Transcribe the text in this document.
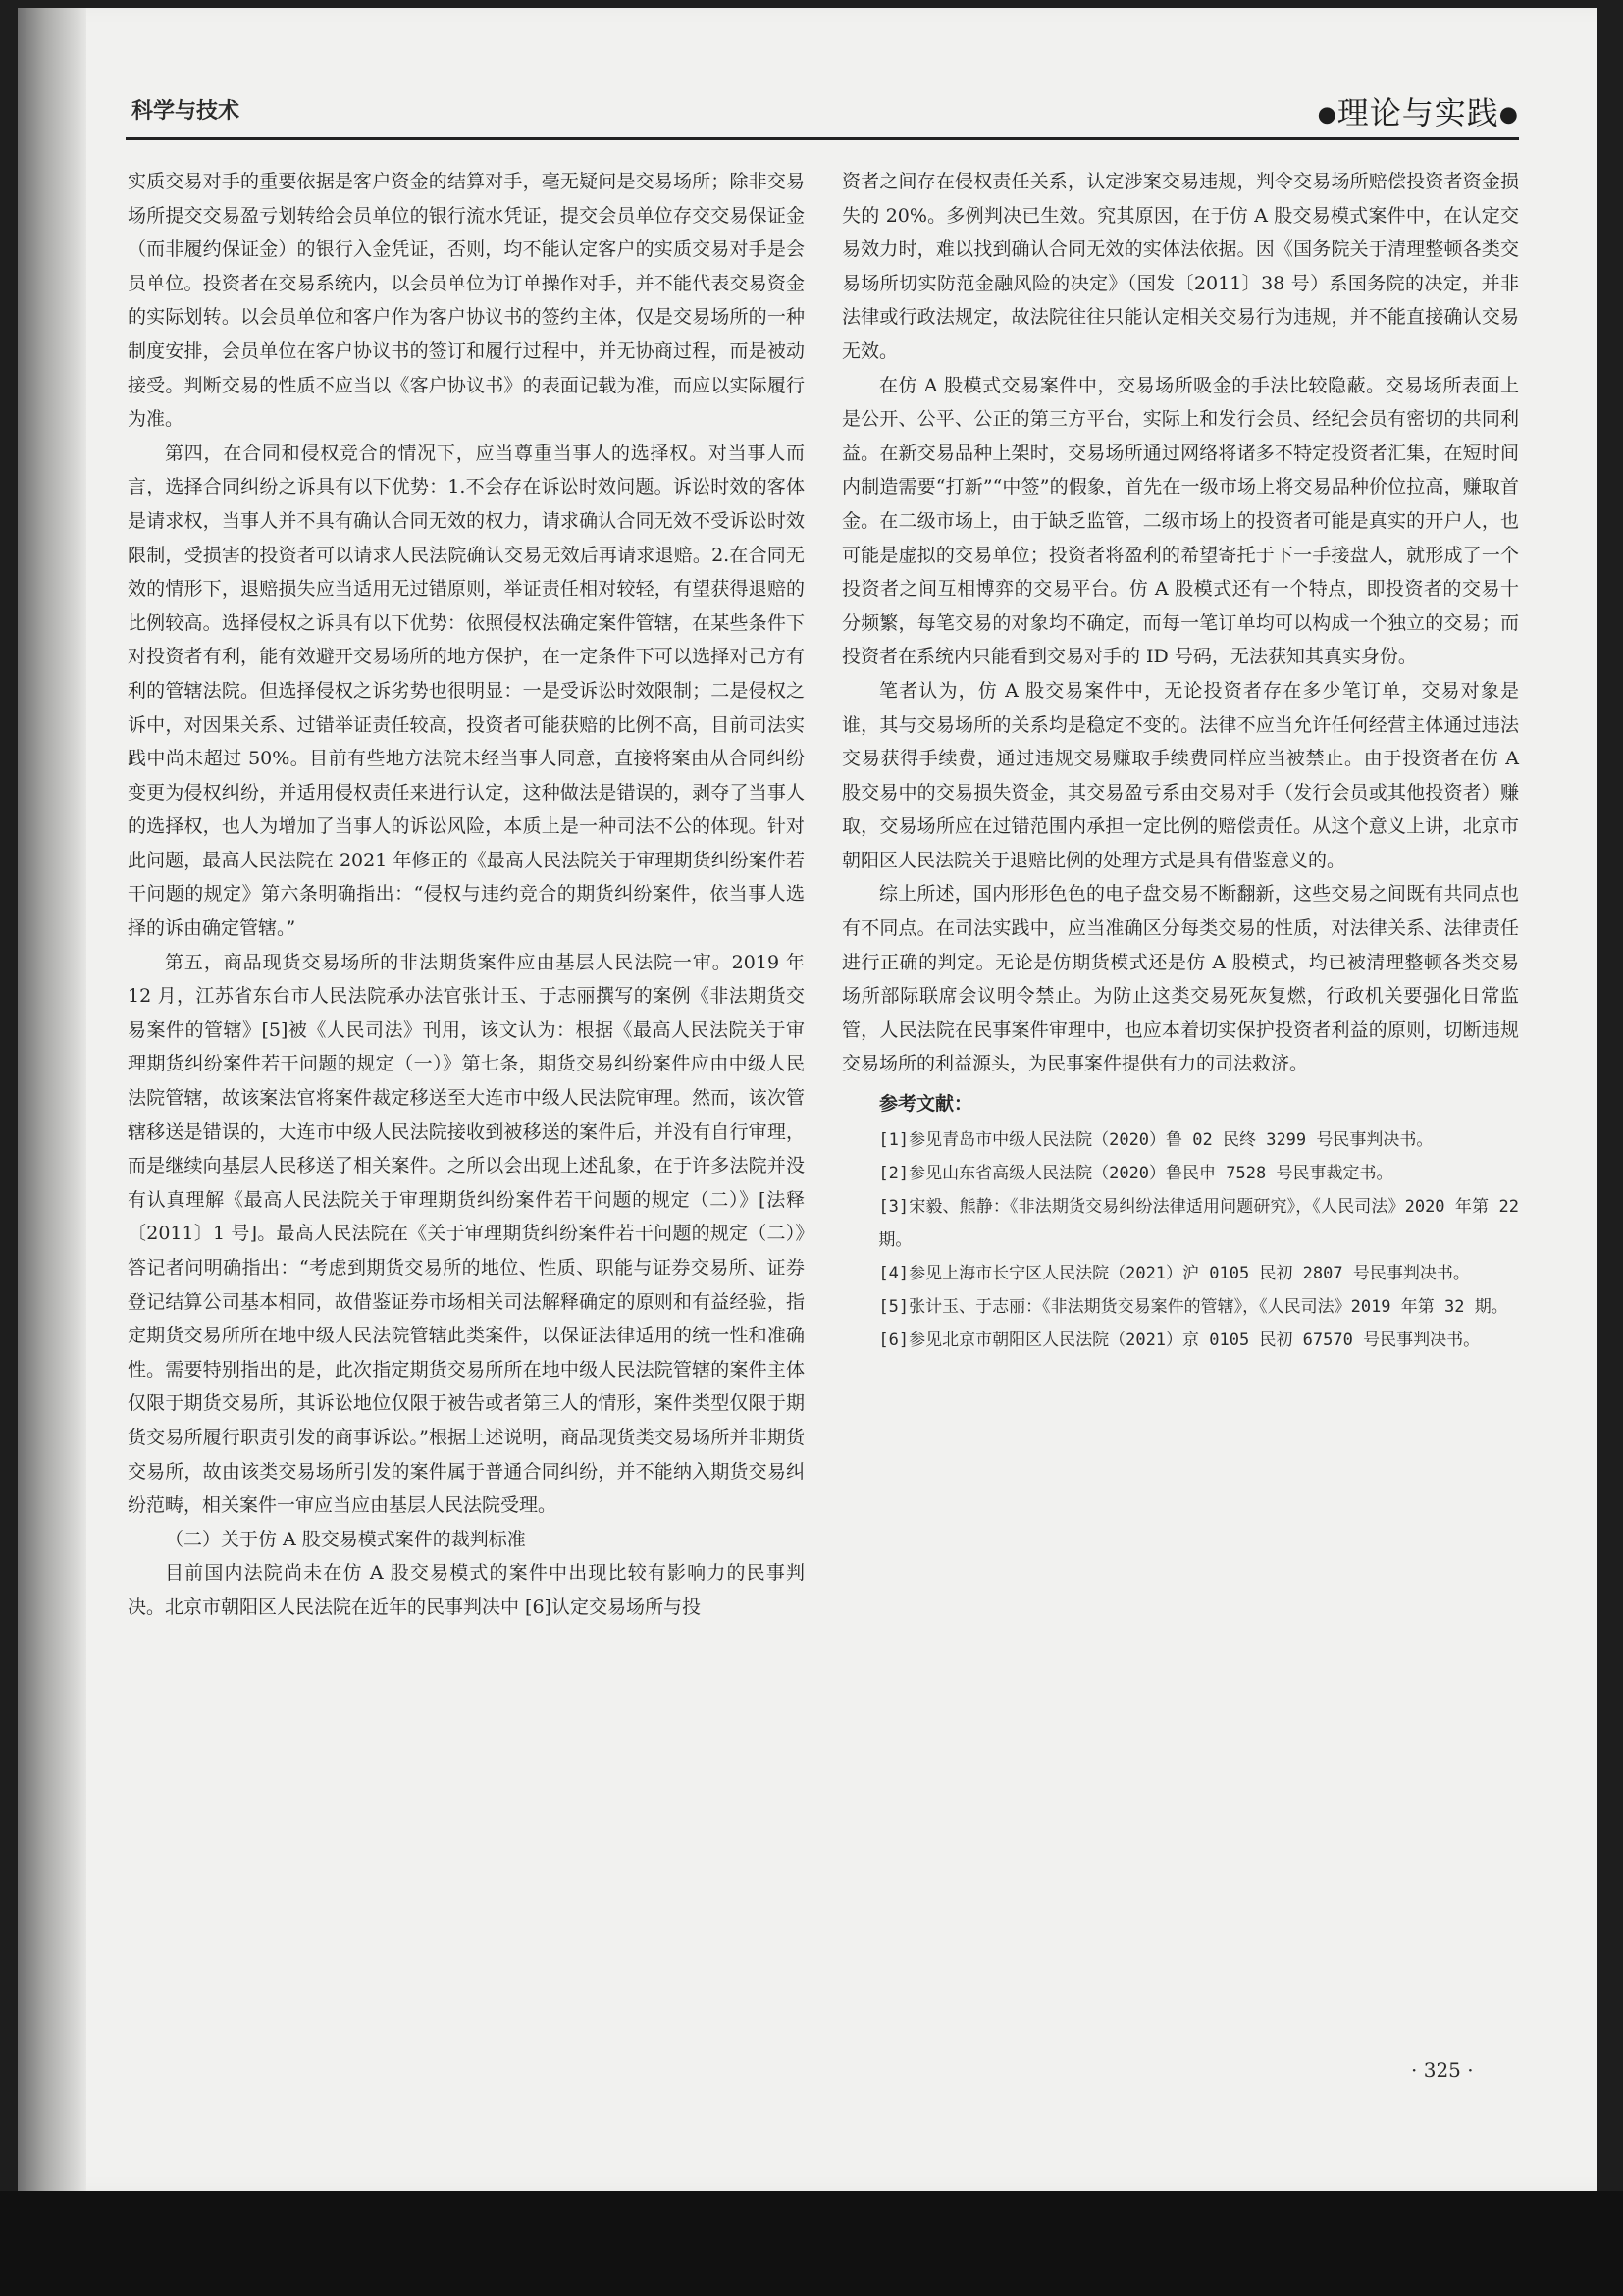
科学与技术	●理论与实践●

实质交易对手的重要依据是客户资金的结算对手，毫无疑问是交易场所；除非交易场所提交交易盈亏划转给会员单位的银行流水凭证，提交会员单位存交交易保证金（而非履约保证金）的银行入金凭证，否则，均不能认定客户的实质交易对手是会员单位。投资者在交易系统内，以会员单位为订单操作对手，并不能代表交易资金的实际划转。以会员单位和客户作为客户协议书的签约主体，仅是交易场所的一种制度安排，会员单位在客户协议书的签订和履行过程中，并无协商过程，而是被动接受。判断交易的性质不应当以《客户协议书》的表面记载为准，而应以实际履行为准。

第四，在合同和侵权竞合的情况下，应当尊重当事人的选择权。对当事人而言，选择合同纠纷之诉具有以下优势：1.不会存在诉讼时效问题。诉讼时效的客体是请求权，当事人并不具有确认合同无效的权力，请求确认合同无效不受诉讼时效限制，受损害的投资者可以请求人民法院确认交易无效后再请求退赔。2.在合同无效的情形下，退赔损失应当适用无过错原则，举证责任相对较轻，有望获得退赔的比例较高。选择侵权之诉具有以下优势：依照侵权法确定案件管辖，在某些条件下对投资者有利，能有效避开交易场所的地方保护，在一定条件下可以选择对己方有利的管辖法院。但选择侵权之诉劣势也很明显：一是受诉讼时效限制；二是侵权之诉中，对因果关系、过错举证责任较高，投资者可能获赔的比例不高，目前司法实践中尚未超过 50%。目前有些地方法院未经当事人同意，直接将案由从合同纠纷变更为侵权纠纷，并适用侵权责任来进行认定，这种做法是错误的，剥夺了当事人的选择权，也人为增加了当事人的诉讼风险，本质上是一种司法不公的体现。针对此问题，最高人民法院在 2021 年修正的《最高人民法院关于审理期货纠纷案件若干问题的规定》第六条明确指出：“侵权与违约竞合的期货纠纷案件，依当事人选择的诉由确定管辖。”

第五，商品现货交易场所的非法期货案件应由基层人民法院一审。2019 年 12 月，江苏省东台市人民法院承办法官张计玉、于志丽撰写的案例《非法期货交易案件的管辖》[5]被《人民司法》刊用，该文认为：根据《最高人民法院关于审理期货纠纷案件若干问题的规定（一）》第七条，期货交易纠纷案件应由中级人民法院管辖，故该案法官将案件裁定移送至大连市中级人民法院审理。然而，该次管辖移送是错误的，大连市中级人民法院接收到被移送的案件后，并没有自行审理，而是继续向基层人民移送了相关案件。之所以会出现上述乱象，在于许多法院并没有认真理解《最高人民法院关于审理期货纠纷案件若干问题的规定（二）》[法释〔2011〕1 号]。最高人民法院在《关于审理期货纠纷案件若干问题的规定（二）》答记者问明确指出：“考虑到期货交易所的地位、性质、职能与证券交易所、证券登记结算公司基本相同，故借鉴证券市场相关司法解释确定的原则和有益经验，指定期货交易所所在地中级人民法院管辖此类案件，以保证法律适用的统一性和准确性。需要特别指出的是，此次指定期货交易所所在地中级人民法院管辖的案件主体仅限于期货交易所，其诉讼地位仅限于被告或者第三人的情形，案件类型仅限于期货交易所履行职责引发的商事诉讼。”根据上述说明，商品现货类交易场所并非期货交易所，故由该类交易场所引发的案件属于普通合同纠纷，并不能纳入期货交易纠纷范畴，相关案件一审应当应由基层人民法院受理。

（二）关于仿 A 股交易模式案件的裁判标准

目前国内法院尚未在仿 A 股交易模式的案件中出现比较有影响力的民事判决。北京市朝阳区人民法院在近年的民事判决中 [6]认定交易场所与投

资者之间存在侵权责任关系，认定涉案交易违规，判令交易场所赔偿投资者资金损失的 20%。多例判决已生效。究其原因，在于仿 A 股交易模式案件中，在认定交易效力时，难以找到确认合同无效的实体法依据。因《国务院关于清理整顿各类交易场所切实防范金融风险的决定》（国发〔2011〕38 号）系国务院的决定，并非法律或行政法规定，故法院往往只能认定相关交易行为违规，并不能直接确认交易无效。

在仿 A 股模式交易案件中，交易场所吸金的手法比较隐蔽。交易场所表面上是公开、公平、公正的第三方平台，实际上和发行会员、经纪会员有密切的共同利益。在新交易品种上架时，交易场所通过网络将诸多不特定投资者汇集，在短时间内制造需要“打新”“中签”的假象，首先在一级市场上将交易品种价位拉高，赚取首金。在二级市场上，由于缺乏监管，二级市场上的投资者可能是真实的开户人，也可能是虚拟的交易单位；投资者将盈利的希望寄托于下一手接盘人，就形成了一个投资者之间互相博弈的交易平台。仿 A 股模式还有一个特点，即投资者的交易十分频繁，每笔交易的对象均不确定，而每一笔订单均可以构成一个独立的交易；而投资者在系统内只能看到交易对手的 ID 号码，无法获知其真实身份。

笔者认为，仿 A 股交易案件中，无论投资者存在多少笔订单，交易对象是谁，其与交易场所的关系均是稳定不变的。法律不应当允许任何经营主体通过违法交易获得手续费，通过违规交易赚取手续费同样应当被禁止。由于投资者在仿 A 股交易中的交易损失资金，其交易盈亏系由交易对手（发行会员或其他投资者）赚取，交易场所应在过错范围内承担一定比例的赔偿责任。从这个意义上讲，北京市朝阳区人民法院关于退赔比例的处理方式是具有借鉴意义的。

综上所述，国内形形色色的电子盘交易不断翻新，这些交易之间既有共同点也有不同点。在司法实践中，应当准确区分每类交易的性质，对法律关系、法律责任进行正确的判定。无论是仿期货模式还是仿 A 股模式，均已被清理整顿各类交易场所部际联席会议明令禁止。为防止这类交易死灰复燃，行政机关要强化日常监管，人民法院在民事案件审理中，也应本着切实保护投资者利益的原则，切断违规交易场所的利益源头，为民事案件提供有力的司法救济。

参考文献：
[1]参见青岛市中级人民法院（2020）鲁 02 民终 3299 号民事判决书。
[2]参见山东省高级人民法院（2020）鲁民申 7528 号民事裁定书。
[3]宋毅、熊静：《非法期货交易纠纷法律适用问题研究》，《人民司法》2020 年第 22 期。
[4]参见上海市长宁区人民法院（2021）沪 0105 民初 2807 号民事判决书。
[5]张计玉、于志丽：《非法期货交易案件的管辖》，《人民司法》2019 年第 32 期。
[6]参见北京市朝阳区人民法院（2021）京 0105 民初 67570 号民事判决书。
· 325 ·
